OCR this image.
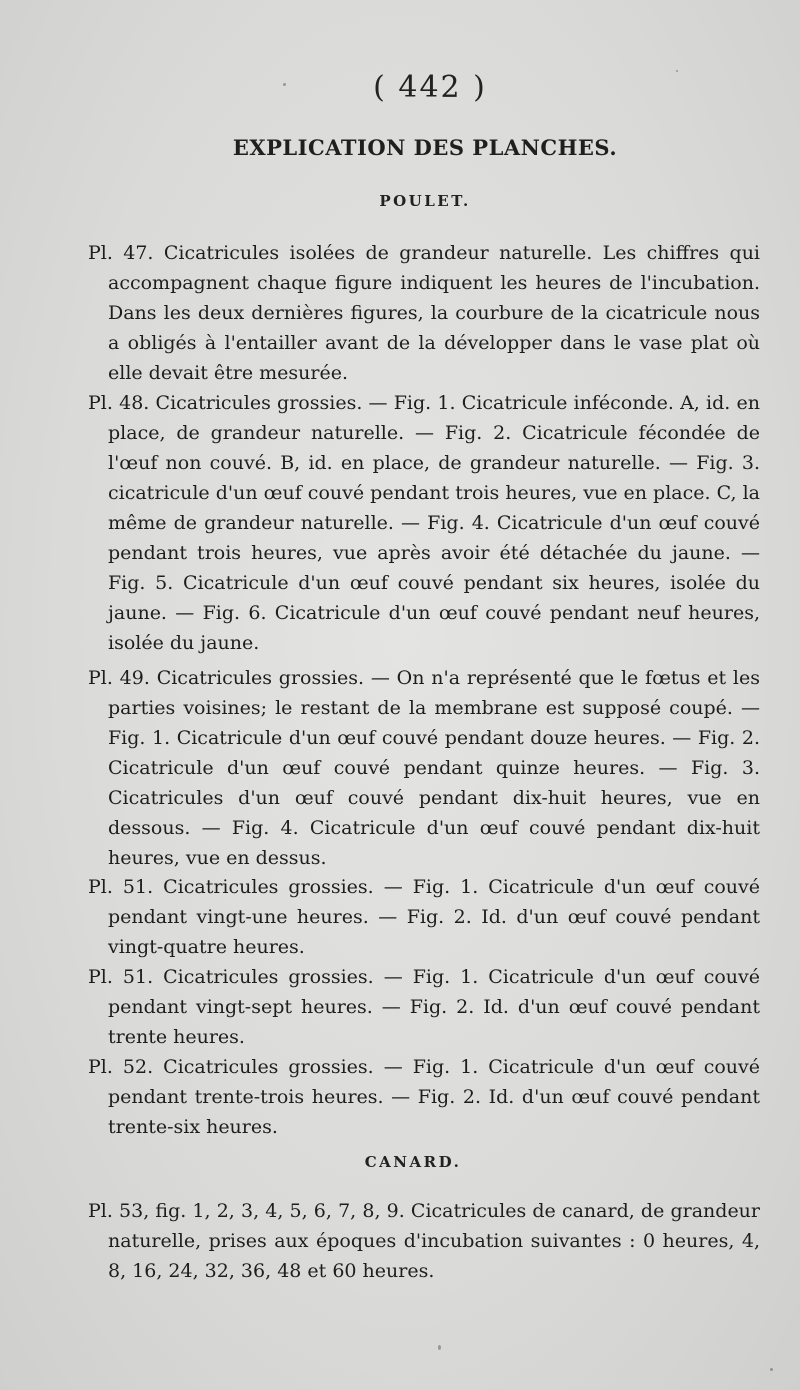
( 442 )
EXPLICATION DES PLANCHES.
POULET.

Pl. 47. Cicatricules isolées de grandeur naturelle. Les chiffres qui accompagnent chaque figure indiquent les heures de l'incubation. Dans les deux dernières figures, la courbure de la cicatricule nous a obligés à l'entailler avant de la développer dans le vase plat où elle devait être mesurée.

Pl. 48. Cicatricules grossies. — Fig. 1. Cicatricule inféconde. A, id. en place, de grandeur naturelle. — Fig. 2. Cicatricule fécondée de l'œuf non couvé. B, id. en place, de grandeur naturelle. — Fig. 3. cicatricule d'un œuf couvé pendant trois heures, vue en place. C, la même de grandeur naturelle. — Fig. 4. Cicatricule d'un œuf couvé pendant trois heures, vue après avoir été détachée du jaune. — Fig. 5. Cicatricule d'un œuf couvé pendant six heures, isolée du jaune. — Fig. 6. Cicatricule d'un œuf couvé pendant neuf heures, isolée du jaune.

Pl. 49. Cicatricules grossies. — On n'a représenté que le fœtus et les parties voisines; le restant de la membrane est supposé coupé. — Fig. 1. Cicatricule d'un œuf couvé pendant douze heures. — Fig. 2. Cicatricule d'un œuf couvé pendant quinze heures. — Fig. 3. Cicatricules d'un œuf couvé pendant dix-huit heures, vue en dessous. — Fig. 4. Cicatricule d'un œuf couvé pendant dix-huit heures, vue en dessus.

Pl. 51. Cicatricules grossies. — Fig. 1. Cicatricule d'un œuf couvé pendant vingt-une heures. — Fig. 2. Id. d'un œuf couvé pendant vingt-quatre heures.

Pl. 51. Cicatricules grossies. — Fig. 1. Cicatricule d'un œuf couvé pendant vingt-sept heures. — Fig. 2. Id. d'un œuf couvé pendant trente heures.

Pl. 52. Cicatricules grossies. — Fig. 1. Cicatricule d'un œuf couvé pendant trente-trois heures. — Fig. 2. Id. d'un œuf couvé pendant trente-six heures.

CANARD.

Pl. 53, fig. 1, 2, 3, 4, 5, 6, 7, 8, 9. Cicatricules de canard, de grandeur naturelle, prises aux époques d'incubation suivantes : 0 heures, 4, 8, 16, 24, 32, 36, 48 et 60 heures.
